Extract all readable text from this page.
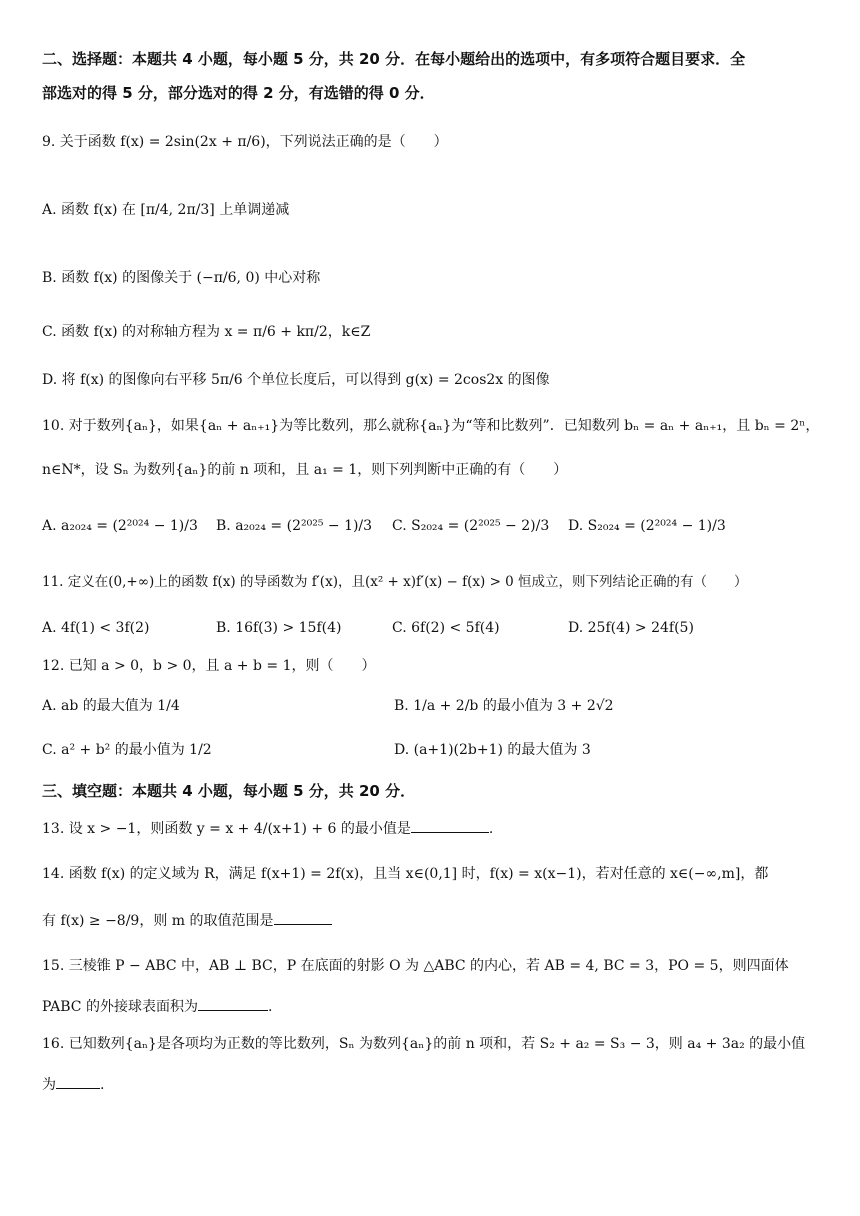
二、选择题：本题共 4 小题，每小题 5 分，共 20 分．在每小题给出的选项中，有多项符合题目要求．全
部选对的得 5 分，部分选对的得 2 分，有选错的得 0 分．
9. 关于函数 f(x) = 2sin(2x + π/6)，下列说法正确的是（　　）
A. 函数 f(x) 在 [π/4, 2π/3] 上单调递减
B. 函数 f(x) 的图像关于 (−π/6, 0) 中心对称
C. 函数 f(x) 的对称轴方程为 x = π/6 + kπ/2，k∈Z
D. 将 f(x) 的图像向右平移 5π/6 个单位长度后，可以得到 g(x) = 2cos2x 的图像
10. 对于数列{aₙ}，如果{aₙ + aₙ₊₁}为等比数列，那么就称{aₙ}为“等和比数列”．已知数列 bₙ = aₙ + aₙ₊₁，且 bₙ = 2ⁿ，
n∈N*，设 Sₙ 为数列{aₙ}的前 n 项和，且 a₁ = 1，则下列判断中正确的有（　　）
A. a₂₀₂₄ = (2²⁰²⁴ − 1)/3 B. a₂₀₂₄ = (2²⁰²⁵ − 1)/3 C. S₂₀₂₄ = (2²⁰²⁵ − 2)/3 D. S₂₀₂₄ = (2²⁰²⁴ − 1)/3
11. 定义在(0,+∞)上的函数 f(x) 的导函数为 f′(x)，且(x² + x)f′(x) − f(x) > 0 恒成立，则下列结论正确的有（　　）
A. 4f(1) < 3f(2)	B. 16f(3) > 15f(4)	C. 6f(2) < 5f(4)	D. 25f(4) > 24f(5)
12. 已知 a > 0，b > 0，且 a + b = 1，则（　　）
A. ab 的最大值为 1/4	B. 1/a + 2/b 的最小值为 3 + 2√2
C. a² + b² 的最小值为 1/2	D. (a+1)(2b+1) 的最大值为 3
三、填空题：本题共 4 小题，每小题 5 分，共 20 分．
13. 设 x > −1，则函数 y = x + 4/(x+1) + 6 的最小值是	.
14. 函数 f(x) 的定义域为 R，满足 f(x+1) = 2f(x)，且当 x∈(0,1] 时，f(x) = x(x−1)，若对任意的 x∈(−∞,m]，都
有 f(x) ≥ −8/9，则 m 的取值范围是
15. 三棱锥 P − ABC 中，AB ⊥ BC，P 在底面的射影 O 为 △ABC 的内心，若 AB = 4, BC = 3，PO = 5，则四面体
PABC 的外接球表面积为	.
16. 已知数列{aₙ}是各项均为正数的等比数列，Sₙ 为数列{aₙ}的前 n 项和，若 S₂ + a₂ = S₃ − 3，则 a₄ + 3a₂ 的最小值
为	.
